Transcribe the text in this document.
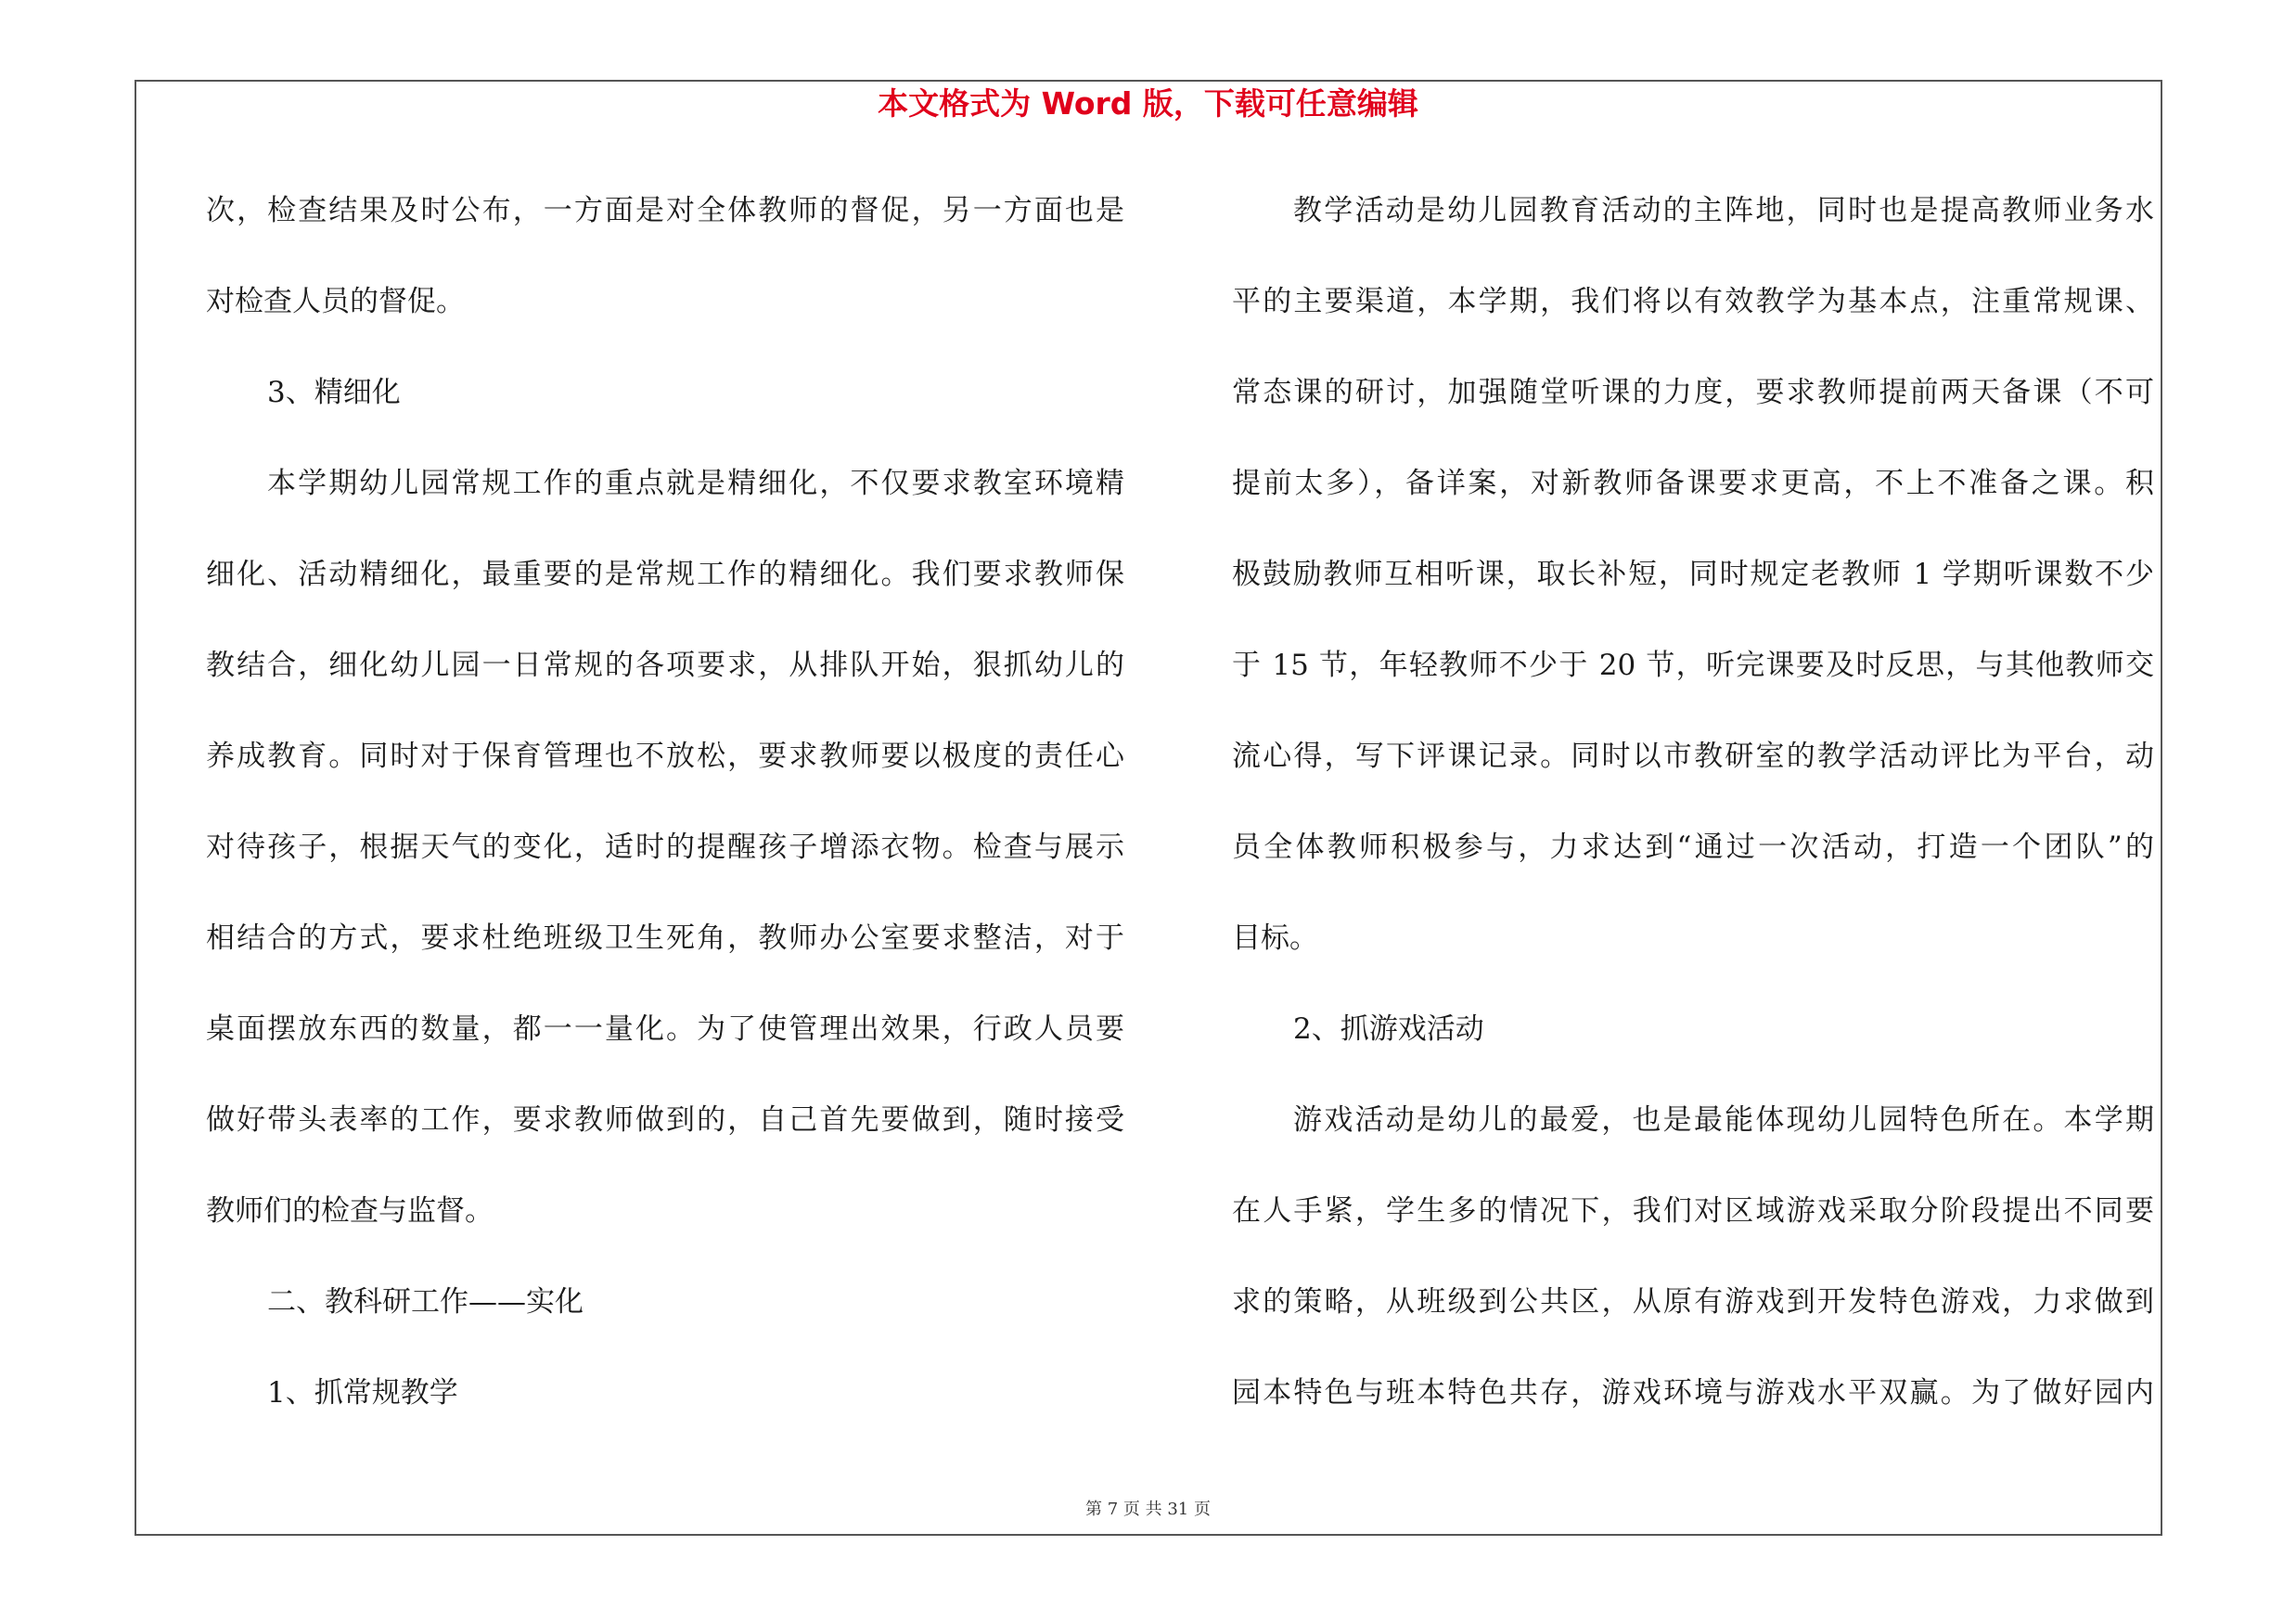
本文格式为 Word 版，下载可任意编辑
次，检查结果及时公布，一方面是对全体教师的督促，另一方面也是
对检查人员的督促。
3、精细化
本学期幼儿园常规工作的重点就是精细化，不仅要求教室环境精
细化、活动精细化，最重要的是常规工作的精细化。我们要求教师保
教结合，细化幼儿园一日常规的各项要求，从排队开始，狠抓幼儿的
养成教育。同时对于保育管理也不放松，要求教师要以极度的责任心
对待孩子，根据天气的变化，适时的提醒孩子增添衣物。检查与展示
相结合的方式，要求杜绝班级卫生死角，教师办公室要求整洁，对于
桌面摆放东西的数量，都一一量化。为了使管理出效果，行政人员要
做好带头表率的工作，要求教师做到的，自己首先要做到，随时接受
教师们的检查与监督。
二、教科研工作——实化
1、抓常规教学
教学活动是幼儿园教育活动的主阵地，同时也是提高教师业务水
平的主要渠道，本学期，我们将以有效教学为基本点，注重常规课、
常态课的研讨，加强随堂听课的力度，要求教师提前两天备课（不可
提前太多），备详案，对新教师备课要求更高，不上不准备之课。积
极鼓励教师互相听课，取长补短，同时规定老教师 1 学期听课数不少
于 15 节，年轻教师不少于 20 节，听完课要及时反思，与其他教师交
流心得，写下评课记录。同时以市教研室的教学活动评比为平台，动
员全体教师积极参与，力求达到“通过一次活动，打造一个团队”的
目标。
2、抓游戏活动
游戏活动是幼儿的最爱，也是最能体现幼儿园特色所在。本学期
在人手紧，学生多的情况下，我们对区域游戏采取分阶段提出不同要
求的策略，从班级到公共区，从原有游戏到开发特色游戏，力求做到
园本特色与班本特色共存，游戏环境与游戏水平双赢。为了做好园内
第 7 页 共 31 页
